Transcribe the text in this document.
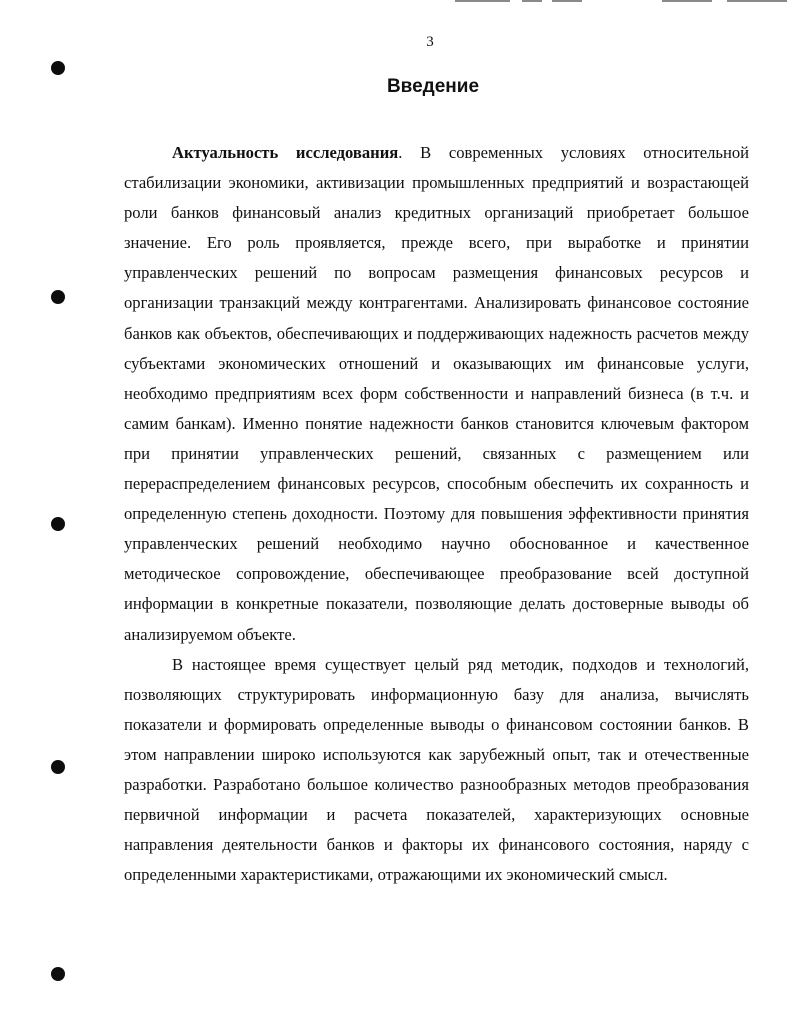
3
Введение

Актуальность исследования. В современных условиях относительной стабилизации экономики, активизации промышленных предприятий и возрастающей роли банков финансовый анализ кредитных организаций приобретает большое значение. Его роль проявляется, прежде всего, при выработке и принятии управленческих решений по вопросам размещения финансовых ресурсов и организации транзакций между контрагентами. Анализировать финансовое состояние банков как объектов, обеспечивающих и поддерживающих надежность расчетов между субъектами экономических отношений и оказывающих им финансовые услуги, необходимо предприятиям всех форм собственности и направлений бизнеса (в т.ч. и самим банкам). Именно понятие надежности банков становится ключевым фактором при принятии управленческих решений, связанных с размещением или перераспределением финансовых ресурсов, способным обеспечить их сохранность и определенную степень доходности. Поэтому для повышения эффективности принятия управленческих решений необходимо научно обоснованное и качественное методическое сопровождение, обеспечивающее преобразование всей доступной информации в конкретные показатели, позволяющие делать достоверные выводы об анализируемом объекте.

В настоящее время существует целый ряд методик, подходов и технологий, позволяющих структурировать информационную базу для анализа, вычислять показатели и формировать определенные выводы о финансовом состоянии банков. В этом направлении широко используются как зарубежный опыт, так и отечественные разработки. Разработано большое количество разнообразных методов преобразования первичной информации и расчета показателей, характеризующих основные направления деятельности банков и факторы их финансового состояния, наряду с определенными характеристиками, отражающими их экономический смысл.
